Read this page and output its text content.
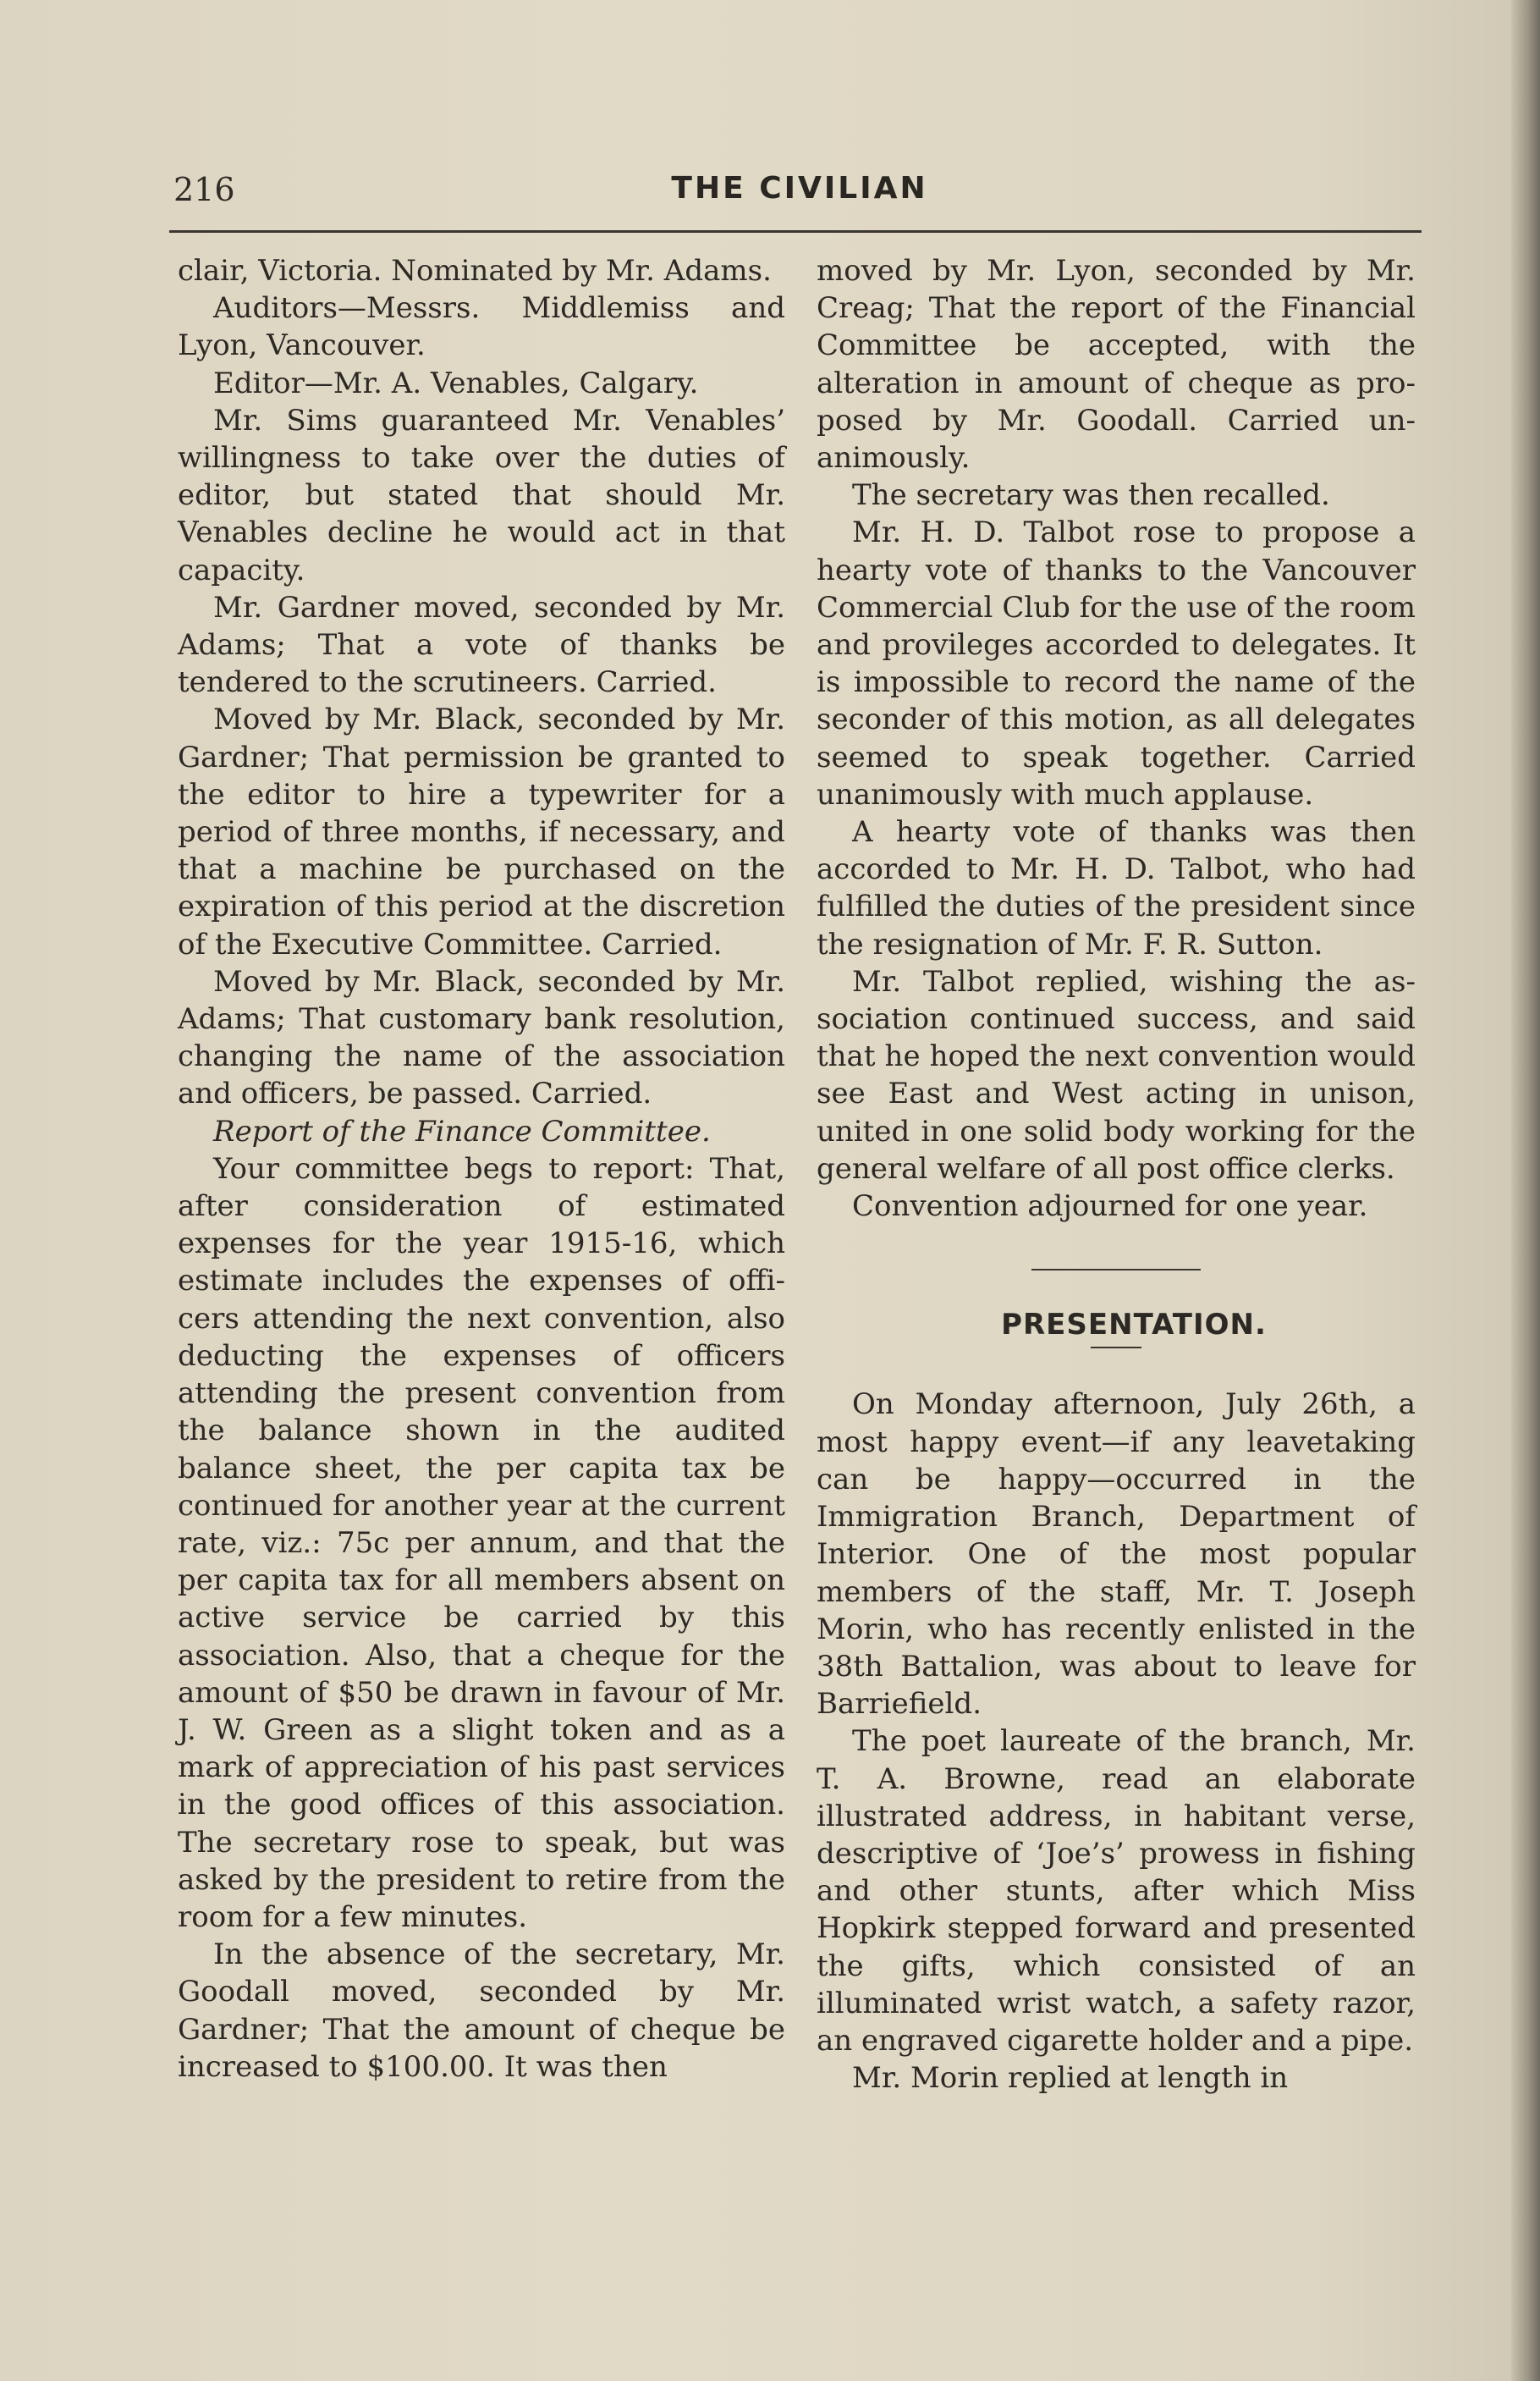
216	THE CIVILIAN

clair, Victoria. Nominated by Mr. Adams.

Auditors—Messrs. Middlemiss and Lyon, Vancouver.

Editor—Mr. A. Venables, Calgary.

Mr. Sims guaranteed Mr. Venables’ willingness to take over the duties of editor, but stated that should Mr. Venables decline he would act in that capacity.

Mr. Gardner moved, seconded by Mr. Adams; That a vote of thanks be tendered to the scrutineers. Carried.

Moved by Mr. Black, seconded by Mr. Gardner; That permission be granted to the editor to hire a typewriter for a period of three months, if necessary, and that a machine be purchased on the expiration of this period at the discretion of the Executive Committee. Carried.

Moved by Mr. Black, seconded by Mr. Adams; That customary bank resolution, changing the name of the association and officers, be passed. Carried.

Report of the Finance Committee.

Your committee begs to report: That, after consideration of estimated expenses for the year 1915-16, which estimate includes the expenses of officers attending the next convention, also deducting the expenses of officers attending the present convention from the balance shown in the audited balance sheet, the per capita tax be continued for another year at the current rate, viz.: 75c per annum, and that the per capita tax for all members absent on active service be carried by this association. Also, that a cheque for the amount of $50 be drawn in favour of Mr. J. W. Green as a slight token and as a mark of appreciation of his past services in the good offices of this association. The secretary rose to speak, but was asked by the president to retire from the room for a few minutes.

In the absence of the secretary, Mr. Goodall moved, seconded by Mr. Gardner; That the amount of cheque be increased to $100.00. It was then

moved by Mr. Lyon, seconded by Mr. Creag; That the report of the Financial Committee be accepted, with the alteration in amount of cheque as proposed by Mr. Goodall. Carried unanimously.

The secretary was then recalled.

Mr. H. D. Talbot rose to propose a hearty vote of thanks to the Vancouver Commercial Club for the use of the room and provileges accorded to delegates. It is impossible to record the name of the seconder of this motion, as all delegates seemed to speak together. Carried unanimously with much applause.

A hearty vote of thanks was then accorded to Mr. H. D. Talbot, who had fulfilled the duties of the president since the resignation of Mr. F. R. Sutton.

Mr. Talbot replied, wishing the association continued success, and said that he hoped the next convention would see East and West acting in unison, united in one solid body working for the general welfare of all post office clerks.

Convention adjourned for one year.

PRESENTATION.

On Monday afternoon, July 26th, a most happy event—if any leavetaking can be happy—occurred in the Immigration Branch, Department of Interior. One of the most popular members of the staff, Mr. T. Joseph Morin, who has recently enlisted in the 38th Battalion, was about to leave for Barriefield.

The poet laureate of the branch, Mr. T. A. Browne, read an elaborate illustrated address, in habitant verse, descriptive of ‘Joe’s’ prowess in fishing and other stunts, after which Miss Hopkirk stepped forward and presented the gifts, which consisted of an illuminated wrist watch, a safety razor, an engraved cigarette holder and a pipe.

Mr. Morin replied at length in
